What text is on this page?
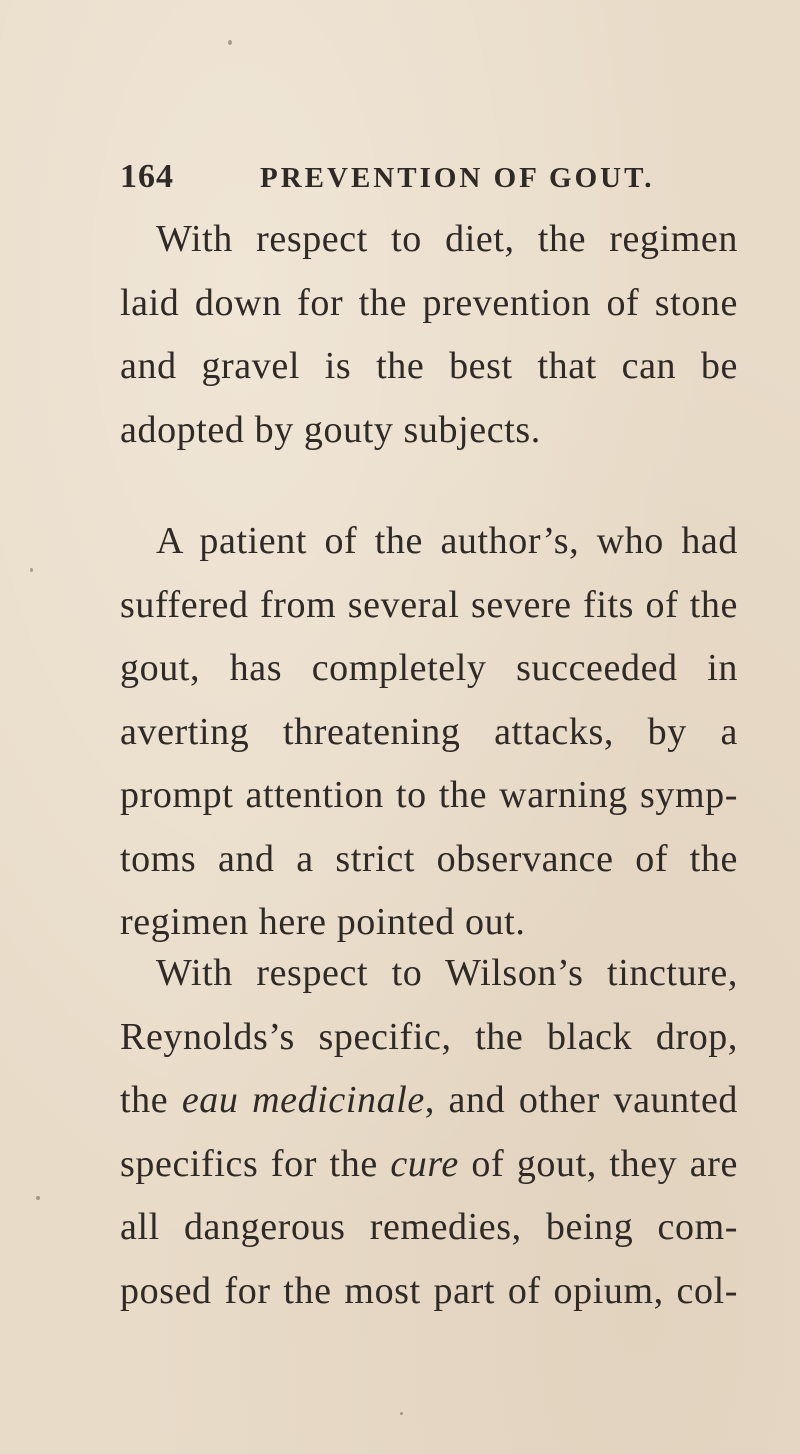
164	PREVENTION OF GOUT.

With respect to diet, the regimen
laid down for the prevention of stone
and gravel is the best that can be
adopted by gouty subjects.

A patient of the author’s, who had
suffered from several severe fits of the
gout, has completely succeeded in
averting threatening attacks, by a
prompt attention to the warning symp-
toms and a strict observance of the
regimen here pointed out.

With respect to Wilson’s tincture,
Reynolds’s specific, the black drop,
the eau medicinale, and other vaunted
specifics for the cure of gout, they are
all dangerous remedies, being com-
posed for the most part of opium, col-
